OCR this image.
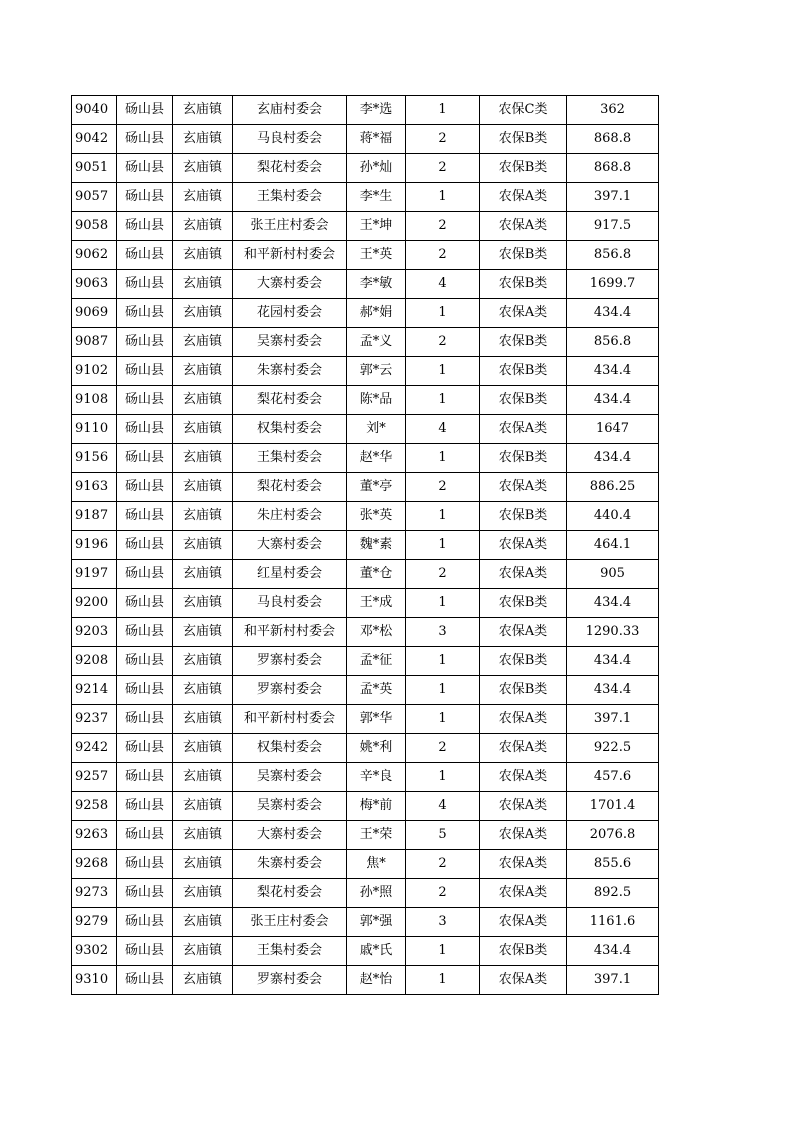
9040	砀山县	玄庙镇	玄庙村委会	李*选	1	农保C类	362
9042	砀山县	玄庙镇	马良村委会	蒋*福	2	农保B类	868.8
9051	砀山县	玄庙镇	梨花村委会	孙*灿	2	农保B类	868.8
9057	砀山县	玄庙镇	王集村委会	李*生	1	农保A类	397.1
9058	砀山县	玄庙镇	张王庄村委会	王*坤	2	农保A类	917.5
9062	砀山县	玄庙镇	和平新村村委会	王*英	2	农保B类	856.8
9063	砀山县	玄庙镇	大寨村委会	李*敏	4	农保B类	1699.7
9069	砀山县	玄庙镇	花园村委会	郝*娟	1	农保A类	434.4
9087	砀山县	玄庙镇	吴寨村委会	孟*义	2	农保B类	856.8
9102	砀山县	玄庙镇	朱寨村委会	郭*云	1	农保B类	434.4
9108	砀山县	玄庙镇	梨花村委会	陈*品	1	农保B类	434.4
9110	砀山县	玄庙镇	权集村委会	刘*	4	农保A类	1647
9156	砀山县	玄庙镇	王集村委会	赵*华	1	农保B类	434.4
9163	砀山县	玄庙镇	梨花村委会	董*亭	2	农保A类	886.25
9187	砀山县	玄庙镇	朱庄村委会	张*英	1	农保B类	440.4
9196	砀山县	玄庙镇	大寨村委会	魏*素	1	农保A类	464.1
9197	砀山县	玄庙镇	红星村委会	董*仓	2	农保A类	905
9200	砀山县	玄庙镇	马良村委会	王*成	1	农保B类	434.4
9203	砀山县	玄庙镇	和平新村村委会	邓*松	3	农保A类	1290.33
9208	砀山县	玄庙镇	罗寨村委会	孟*征	1	农保B类	434.4
9214	砀山县	玄庙镇	罗寨村委会	孟*英	1	农保B类	434.4
9237	砀山县	玄庙镇	和平新村村委会	郭*华	1	农保A类	397.1
9242	砀山县	玄庙镇	权集村委会	姚*利	2	农保A类	922.5
9257	砀山县	玄庙镇	吴寨村委会	辛*良	1	农保A类	457.6
9258	砀山县	玄庙镇	吴寨村委会	梅*前	4	农保A类	1701.4
9263	砀山县	玄庙镇	大寨村委会	王*荣	5	农保A类	2076.8
9268	砀山县	玄庙镇	朱寨村委会	焦*	2	农保A类	855.6
9273	砀山县	玄庙镇	梨花村委会	孙*照	2	农保A类	892.5
9279	砀山县	玄庙镇	张王庄村委会	郭*强	3	农保A类	1161.6
9302	砀山县	玄庙镇	王集村委会	戚*氏	1	农保B类	434.4
9310	砀山县	玄庙镇	罗寨村委会	赵*怡	1	农保A类	397.1
